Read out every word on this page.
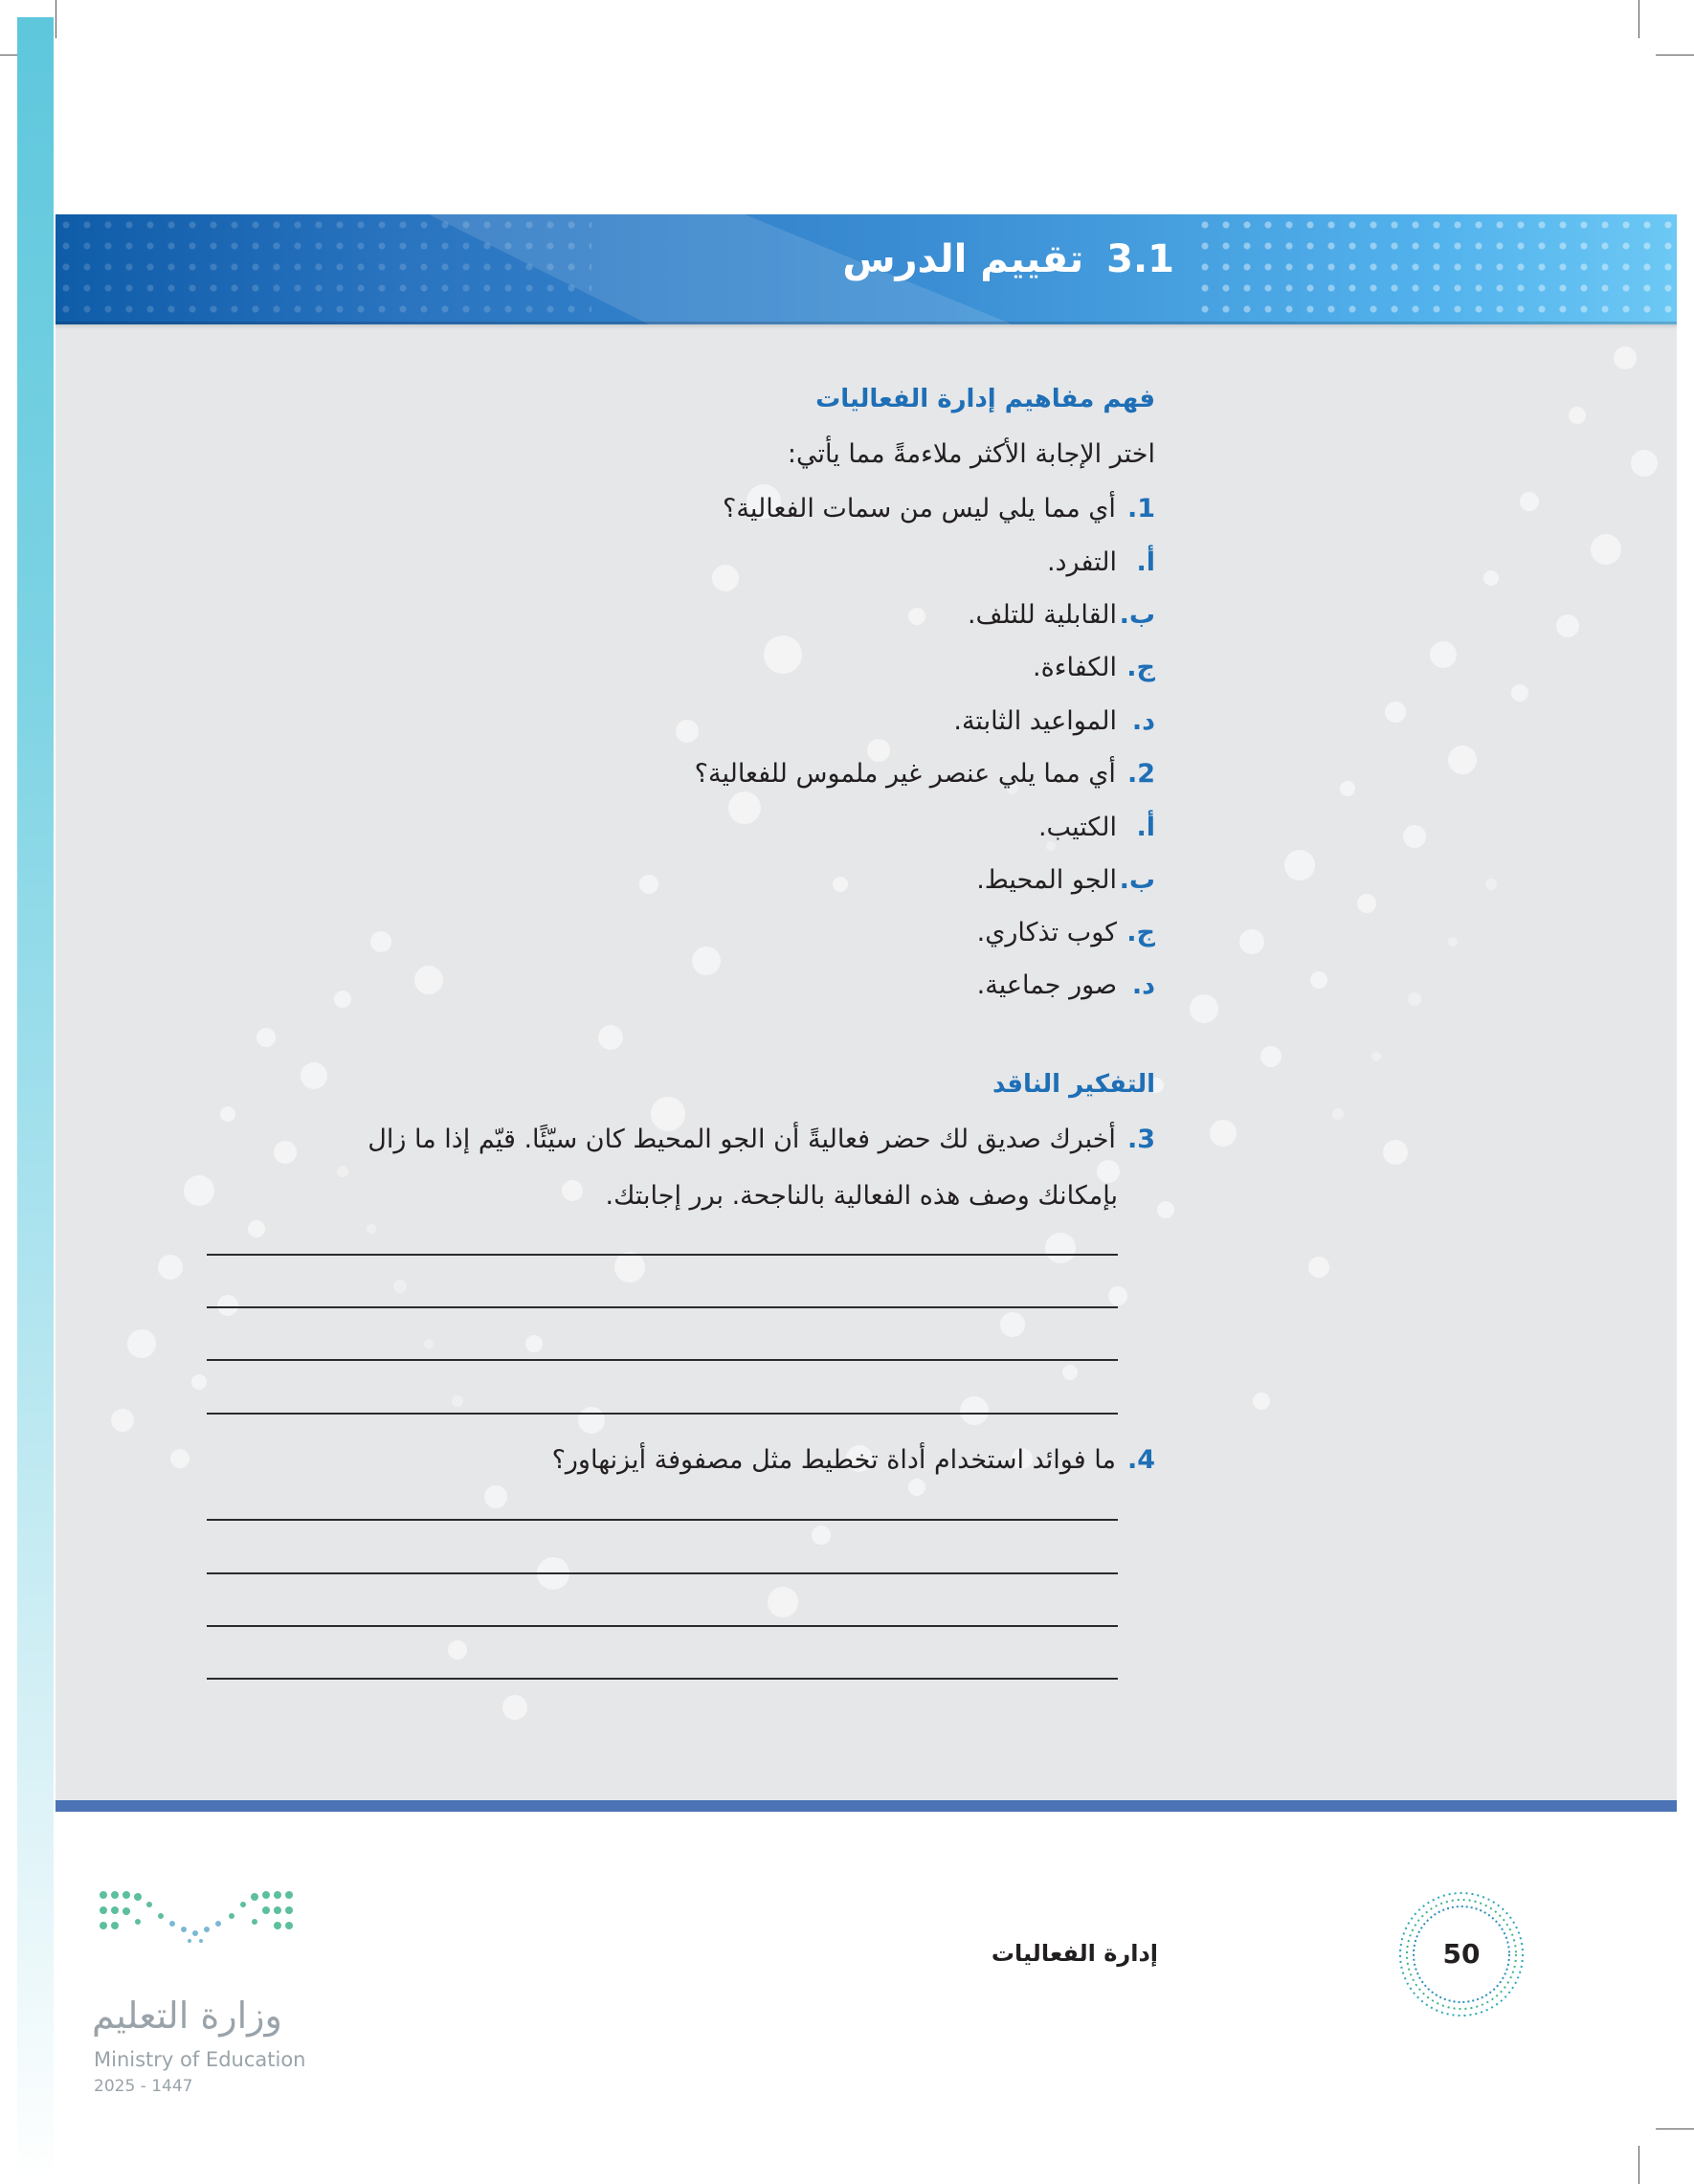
3.1تقييم الدرس
فهم مفاهيم إدارة الفعاليات
اختر الإجابة الأكثر ملاءمةً مما يأتي:
1.أي مما يلي ليس من سمات الفعالية؟
أ.التفرد.
ب.القابلية للتلف.
ج.الكفاءة.
د.المواعيد الثابتة.
2.أي مما يلي عنصر غير ملموس للفعالية؟
أ.الكتيب.
ب.الجو المحيط.
ج.كوب تذكاري.
د.صور جماعية.
التفكير الناقد
3.أخبرك صديق لك حضر فعاليةً أن الجو المحيط كان سيّئًا. قيّم إذا ما زال
بإمكانك وصف هذه الفعالية بالناجحة. برر إجابتك.
4.ما فوائد استخدام أداة تخطيط مثل مصفوفة أيزنهاور؟
إدارة الفعاليات	50
وزارة التعليم
Ministry of Education
2025 - 1447
